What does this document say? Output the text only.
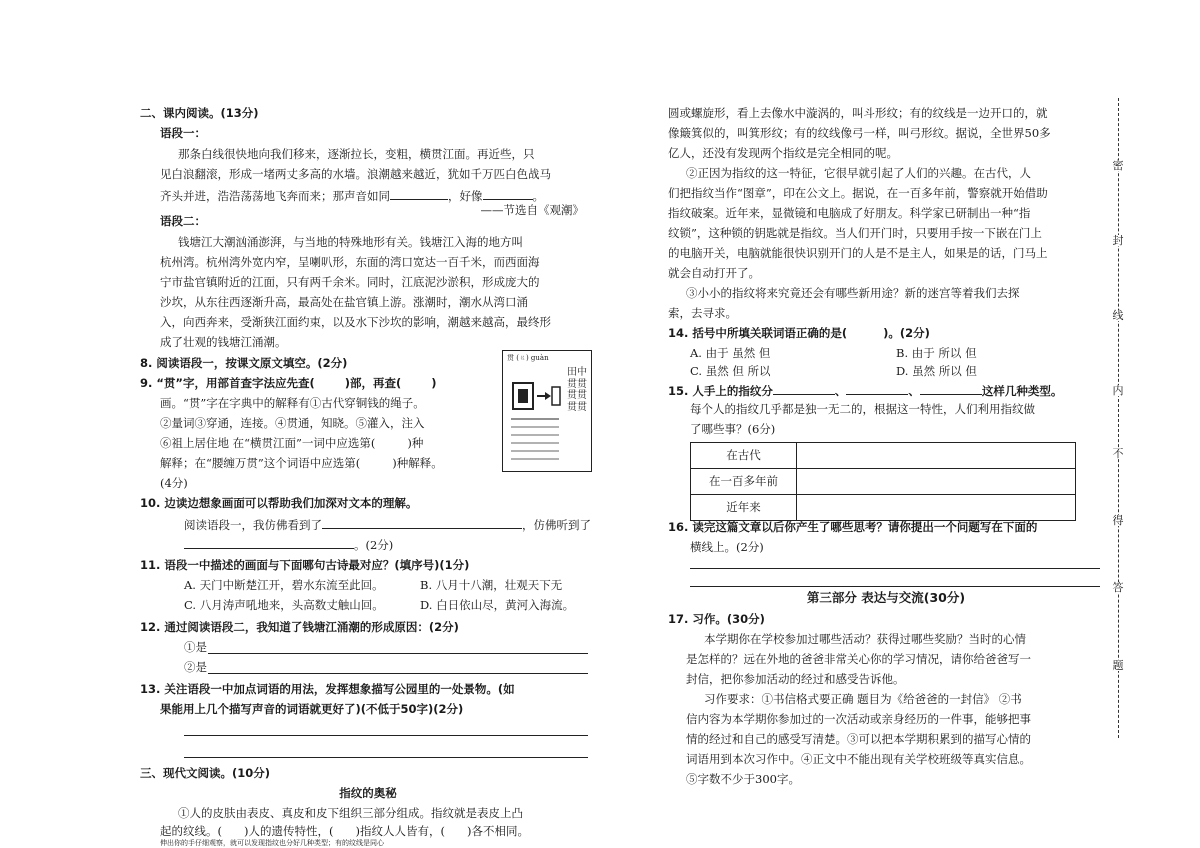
二、课内阅读。(13分)
语段一：
那条白线很快地向我们移来，逐渐拉长，变粗，横贯江面。再近些，只
见白浪翻滚，形成一堵两丈多高的水墙。浪潮越来越近，犹如千万匹白色战马
齐头并进，浩浩荡荡地飞奔而来；那声音如同	，好像	。
——节选自《观潮》
语段二：
钱塘江大潮汹涌澎湃，与当地的特殊地形有关。钱塘江入海的地方叫
杭州湾。杭州湾外宽内窄，呈喇叭形，东面的湾口宽达一百千米，而西面海
宁市盐官镇附近的江面，只有两千余米。同时，江底泥沙淤积，形成庞大的
沙坎，从东往西逐渐升高，最高处在盐官镇上游。涨潮时，潮水从湾口涌
入，向西奔来，受渐狭江面约束，以及水下沙坎的影响，潮越来越高，最终形
成了壮观的钱塘江涌潮。
8. 阅读语段一，按课文原文填空。(2分)
9. “贯”字，用部首查字法应先查(	)部，再查(	)
画。“贯”字在字典中的解释有①古代穿铜钱的绳子。
②量词③穿通，连接。④贯通，知晓。⑤灌入，注入
⑥祖上居住地 在“横贯江面”一词中应选第(	)种
解释；在“腰缠万贯”这个词语中应选第(	)种解释。
(4分)
贯 (ㄍ) guàn
田中贯贯贯贯贯贯
10. 边读边想象画面可以帮助我们加深对文本的理解。
阅读语段一，我仿佛看到了	，仿佛听到了
。(2分)
11. 语段一中描述的画面与下面哪句古诗最对应？(填序号)(1分)
A. 天门中断楚江开，碧水东流至此回。	B. 八月十八潮，壮观天下无
C. 八月涛声吼地来，头高数丈触山回。	D. 白日依山尽，黄河入海流。
12. 通过阅读语段二，我知道了钱塘江涌潮的形成原因：(2分)
①是
②是
13. 关注语段一中加点词语的用法，发挥想象描写公园里的一处景物。(如
果能用上几个描写声音的词语就更好了)(不低于50字)(2分)
三、现代文阅读。(10分)
指纹的奥秘
①人的皮肤由表皮、真皮和皮下组织三部分组成。指纹就是表皮上凸
起的纹线。( )人的遗传特性，( )指纹人人皆有，( )各不相同。
伸出你的手仔细观察，就可以发现指纹也分好几种类型；有的纹线是同心
圆或螺旋形，看上去像水中漩涡的，叫斗形纹；有的纹线是一边开口的，就
像簸箕似的，叫箕形纹；有的纹线像弓一样，叫弓形纹。据说，全世界50多
亿人，还没有发现两个指纹是完全相同的呢。
②正因为指纹的这一特征，它很早就引起了人们的兴趣。在古代，人
们把指纹当作“图章”，印在公文上。据说，在一百多年前，警察就开始借助
指纹破案。近年来，显微镜和电脑成了好朋友。科学家已研制出一种“指
纹锁”，这种锁的钥匙就是指纹。当人们开门时，只要用手按一下嵌在门上
的电脑开关，电脑就能很快识别开门的人是不是主人，如果是的话，门马上
就会自动打开了。
③小小的指纹将来究竟还会有哪些新用途？新的迷宫等着我们去探
索，去寻求。
14. 括号中所填关联词语正确的是(	)。(2分)
A. 由于 虽然 但	B. 由于 所以 但
C. 虽然 但 所以	D. 虽然 所以 但
15. 人手上的指纹分	、	、	这样几种类型。
每个人的指纹几乎都是独一无二的，根据这一特性，人们利用指纹做
了哪些事？(6分)
在古代	
在一百多年前	
近年来	
16. 读完这篇文章以后你产生了哪些思考？请你提出一个问题写在下面的
横线上。(2分)
第三部分 表达与交流(30分)
17. 习作。(30分)
本学期你在学校参加过哪些活动？获得过哪些奖励？当时的心情
是怎样的？远在外地的爸爸非常关心你的学习情况，请你给爸爸写一
封信，把你参加活动的经过和感受告诉他。
习作要求：①书信格式要正确 题目为《给爸爸的一封信》 ②书
信内容为本学期你参加过的一次活动或亲身经历的一件事，能够把事
情的经过和自己的感受写清楚。③可以把本学期积累到的描写心情的
词语用到本次习作中。④正文中不能出现有关学校班级等真实信息。
⑤字数不少于300字。
密
封
线
内
不
得
答
题
